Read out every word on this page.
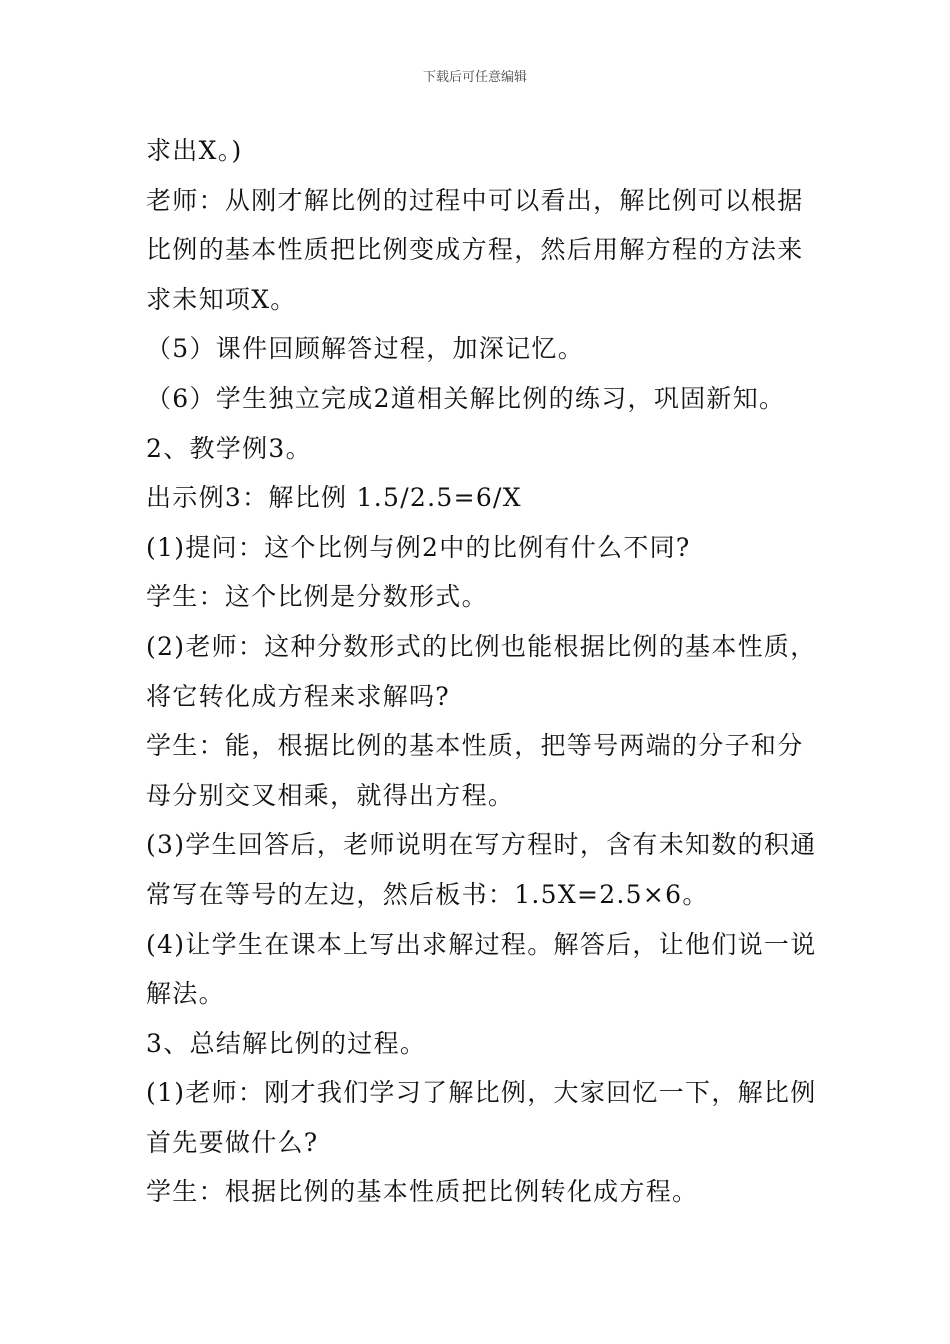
下载后可任意编辑
求出X。)
老师：从刚才解比例的过程中可以看出，解比例可以根据
比例的基本性质把比例变成方程，然后用解方程的方法来
求未知项X。
（5）课件回顾解答过程，加深记忆。
（6）学生独立完成2道相关解比例的练习，巩固新知。
2、教学例3。
出示例3：解比例 1.5/2.5=6/X
(1)提问：这个比例与例2中的比例有什么不同?
学生：这个比例是分数形式。
(2)老师：这种分数形式的比例也能根据比例的基本性质，
将它转化成方程来求解吗?
学生：能，根据比例的基本性质，把等号两端的分子和分
母分别交叉相乘，就得出方程。
(3)学生回答后，老师说明在写方程时，含有未知数的积通
常写在等号的左边，然后板书：1.5X=2.5×6。
(4)让学生在课本上写出求解过程。解答后，让他们说一说
解法。
3、总结解比例的过程。
(1)老师：刚才我们学习了解比例，大家回忆一下，解比例
首先要做什么?
学生：根据比例的基本性质把比例转化成方程。
